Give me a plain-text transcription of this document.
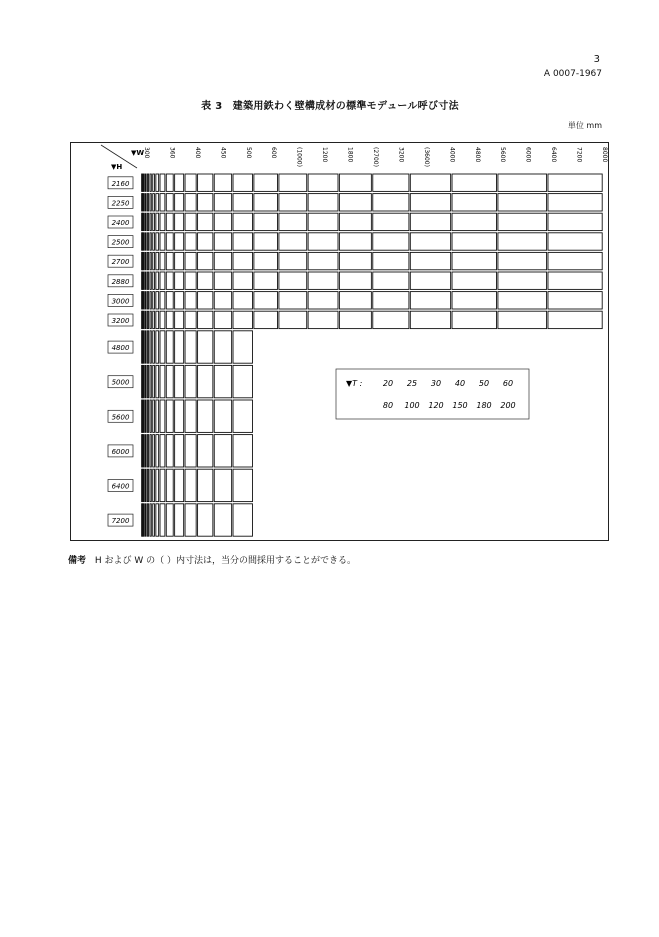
3
A 0007-1967
表 3　建築用鉄わく壁構成材の標準モデュール呼び寸法
単位 mm
▼W
▼H
300	360	400	450	500	600	(1000)	1200	1800	(2700)	3200	(3600)	4000	4800	5600	6000	6400	7200	8000
2160
2250
2400
2500
2700
2880
3000
3200
4800
5000
5600
6000
6400
7200
▼T :	20 25 30 40 50 60
80 100 120 150 180 200
備考 H および W の（ ）内寸法は，当分の間採用することができる。
